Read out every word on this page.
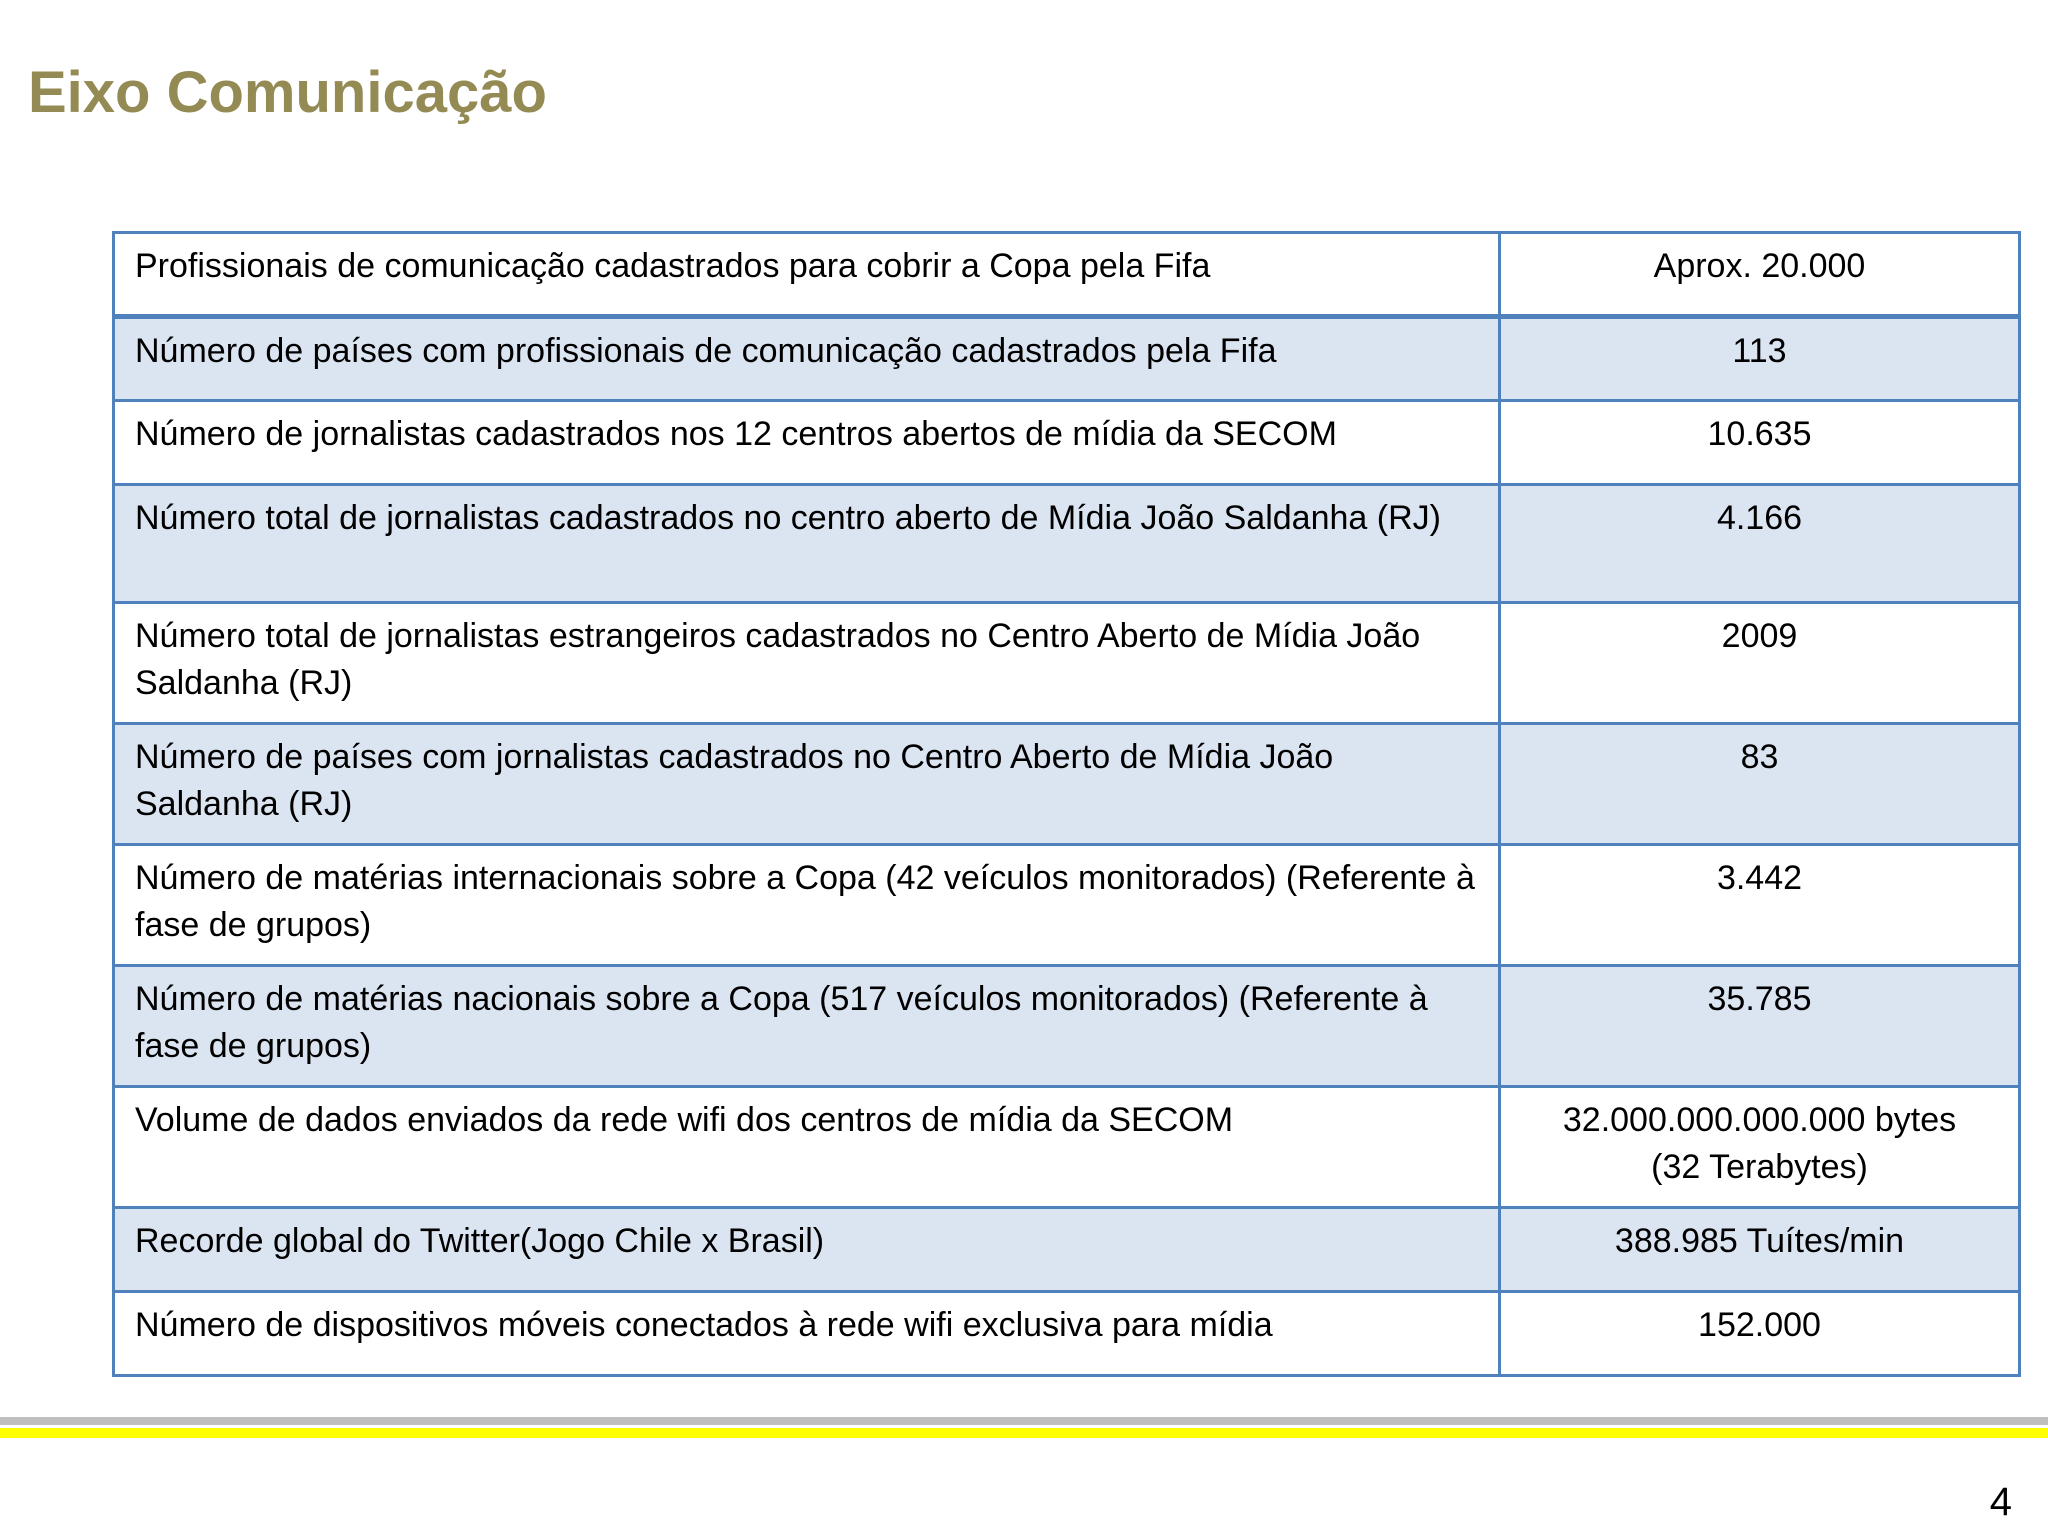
Eixo Comunicação
Profissionais de comunicação cadastrados para cobrir a Copa pela Fifa	Aprox. 20.000
Número de países com profissionais de comunicação cadastrados pela Fifa	113
Número de jornalistas cadastrados nos 12 centros abertos de mídia da SECOM	10.635
Número total de jornalistas cadastrados no centro aberto de Mídia João Saldanha (RJ)	4.166
Número total de jornalistas estrangeiros cadastrados no Centro Aberto de Mídia João Saldanha (RJ)	2009
Número de países com jornalistas cadastrados no Centro Aberto de Mídia João Saldanha (RJ)	83
Número de matérias internacionais sobre a Copa (42 veículos monitorados) (Referente à fase de grupos)	3.442
Número de matérias nacionais sobre a Copa (517 veículos monitorados) (Referente à fase de grupos)	35.785
Volume de dados enviados da rede wifi dos centros de mídia da SECOM	32.000.000.000.000 bytes
(32 Terabytes)

Recorde global do Twitter(Jogo Chile x Brasil)	388.985 Tuítes/min
Número de dispositivos móveis conectados à rede wifi exclusiva para mídia	152.000
4
